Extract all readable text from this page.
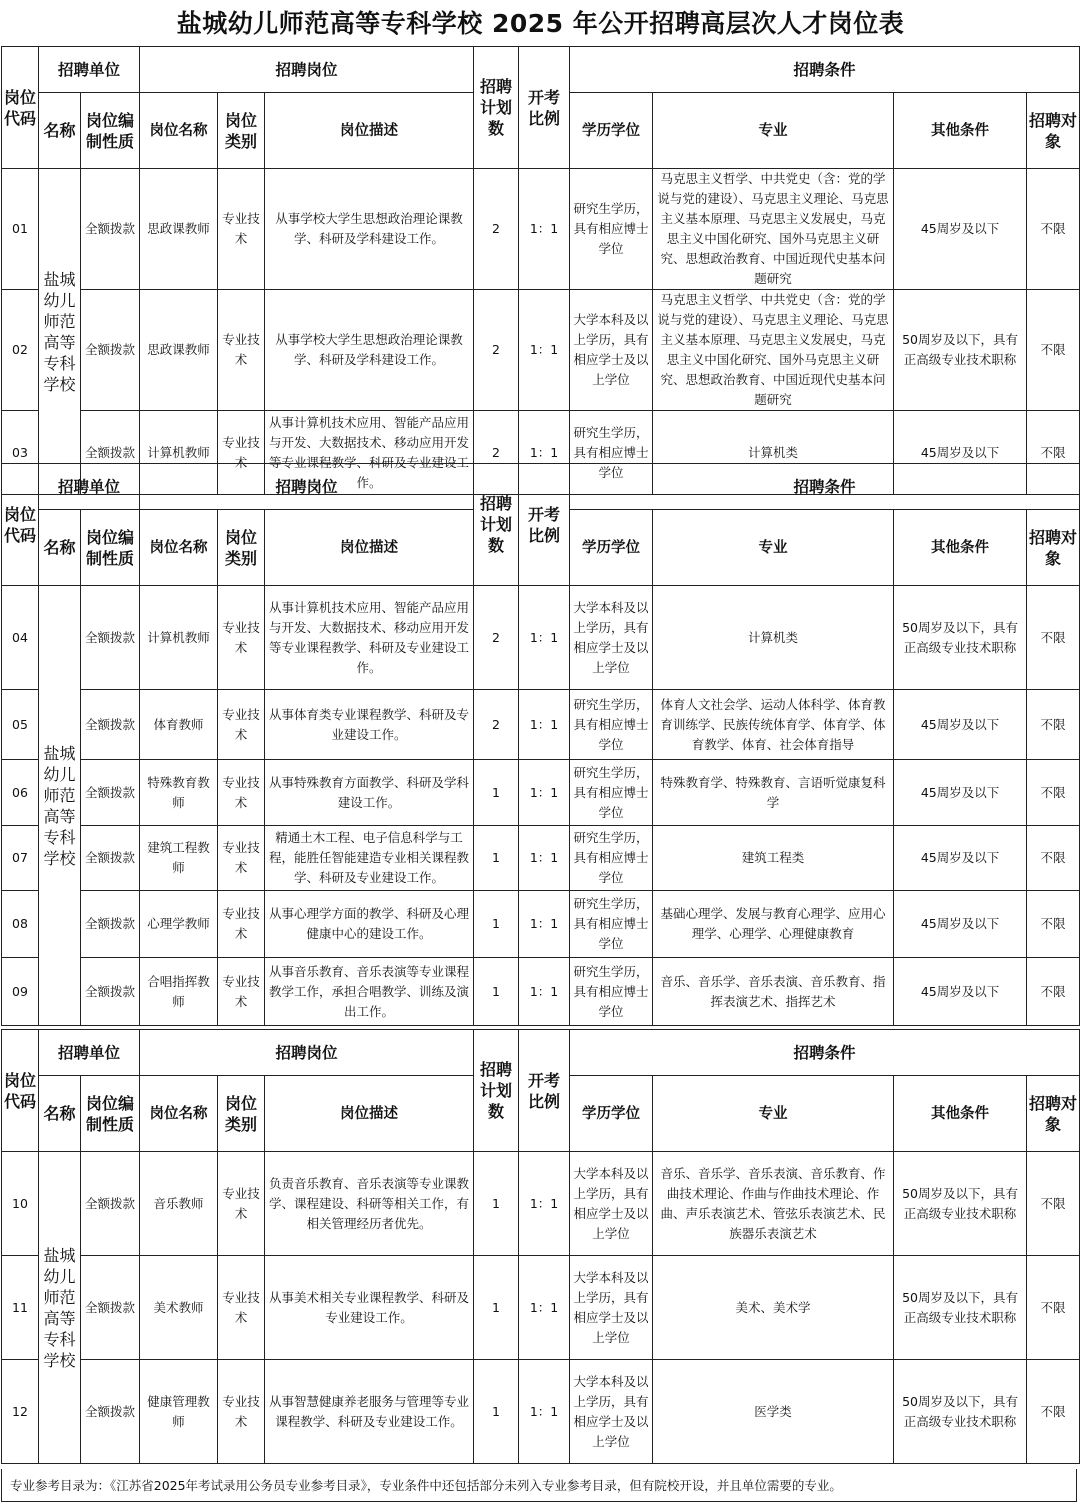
盐城幼儿师范高等专科学校 2025 年公开招聘高层次人才岗位表
岗位代码	招聘单位		招聘岗位			招聘计划数	开考比例	招聘条件			
	名称	岗位编制性质	岗位名称	岗位类别	岗位描述			学历学位	专业	其他条件	招聘对象
01	盐城幼儿师范高等专科学校	全额拨款	思政课教师	专业技术	从事学校大学生思想政治理论课教学、科研及学科建设工作。	2	1：1	研究生学历，具有相应博士学位	马克思主义哲学、中共党史（含：党的学说与党的建设）、马克思主义理论、马克思主义基本原理、马克思主义发展史，马克思主义中国化研究、国外马克思主义研究、思想政治教育、中国近现代史基本问题研究	45周岁及以下	不限
02		全额拨款	思政课教师	专业技术	从事学校大学生思想政治理论课教学、科研及学科建设工作。	2	1：1	大学本科及以上学历，具有相应学士及以上学位	马克思主义哲学、中共党史（含：党的学说与党的建设）、马克思主义理论、马克思主义基本原理、马克思主义发展史，马克思主义中国化研究、国外马克思主义研究、思想政治教育、中国近现代史基本问题研究	50周岁及以下，具有正高级专业技术职称	不限
03		全额拨款	计算机教师	专业技术	从事计算机技术应用、智能产品应用与开发、大数据技术、移动应用开发等专业课程教学、科研及专业建设工作。	2	1：1	研究生学历，具有相应博士学位	计算机类	45周岁及以下	不限
岗位代码	招聘单位		招聘岗位			招聘计划数	开考比例	招聘条件			
	名称	岗位编制性质	岗位名称	岗位类别	岗位描述			学历学位	专业	其他条件	招聘对象
04	盐城幼儿师范高等专科学校	全额拨款	计算机教师	专业技术	从事计算机技术应用、智能产品应用与开发、大数据技术、移动应用开发等专业课程教学、科研及专业建设工作。	2	1：1	大学本科及以上学历，具有相应学士及以上学位	计算机类	50周岁及以下，具有正高级专业技术职称	不限
05		全额拨款	体育教师	专业技术	从事体育类专业课程教学、科研及专业建设工作。	2	1：1	研究生学历，具有相应博士学位	体育人文社会学、运动人体科学、体育教育训练学、民族传统体育学、体育学、体育教学、体育、社会体育指导	45周岁及以下	不限
06		全额拨款	特殊教育教师	专业技术	从事特殊教育方面教学、科研及学科建设工作。	1	1：1	研究生学历，具有相应博士学位	特殊教育学、特殊教育、言语听觉康复科学	45周岁及以下	不限
07		全额拨款	建筑工程教师	专业技术	精通土木工程、电子信息科学与工程，能胜任智能建造专业相关课程教学、科研及专业建设工作。	1	1：1	研究生学历，具有相应博士学位	建筑工程类	45周岁及以下	不限
08		全额拨款	心理学教师	专业技术	从事心理学方面的教学、科研及心理健康中心的建设工作。	1	1：1	研究生学历，具有相应博士学位	基础心理学、发展与教育心理学、应用心理学、心理学、心理健康教育	45周岁及以下	不限
09		全额拨款	合唱指挥教师	专业技术	从事音乐教育、音乐表演等专业课程教学工作，承担合唱教学、训练及演出工作。	1	1：1	研究生学历，具有相应博士学位	音乐、音乐学、音乐表演、音乐教育、指挥表演艺术、指挥艺术	45周岁及以下	不限
岗位代码	招聘单位		招聘岗位			招聘计划数	开考比例	招聘条件			
	名称	岗位编制性质	岗位名称	岗位类别	岗位描述			学历学位	专业	其他条件	招聘对象
10	盐城幼儿师范高等专科学校	全额拨款	音乐教师	专业技术	负责音乐教育、音乐表演等专业课教学、课程建设、科研等相关工作，有相关管理经历者优先。	1	1：1	大学本科及以上学历，具有相应学士及以上学位	音乐、音乐学、音乐表演、音乐教育、作曲技术理论、作曲与作曲技术理论、作曲、声乐表演艺术、管弦乐表演艺术、民族器乐表演艺术	50周岁及以下，具有正高级专业技术职称	不限
11		全额拨款	美术教师	专业技术	从事美术相关专业课程教学、科研及专业建设工作。	1	1：1	大学本科及以上学历，具有相应学士及以上学位	美术、美术学	50周岁及以下，具有正高级专业技术职称	不限
12		全额拨款	健康管理教师	专业技术	从事智慧健康养老服务与管理等专业课程教学、科研及专业建设工作。	1	1：1	大学本科及以上学历，具有相应学士及以上学位	医学类	50周岁及以下，具有正高级专业技术职称	不限
专业参考目录为：《江苏省2025年考试录用公务员专业参考目录》，专业条件中还包括部分未列入专业参考目录，但有院校开设，并且单位需要的专业。
